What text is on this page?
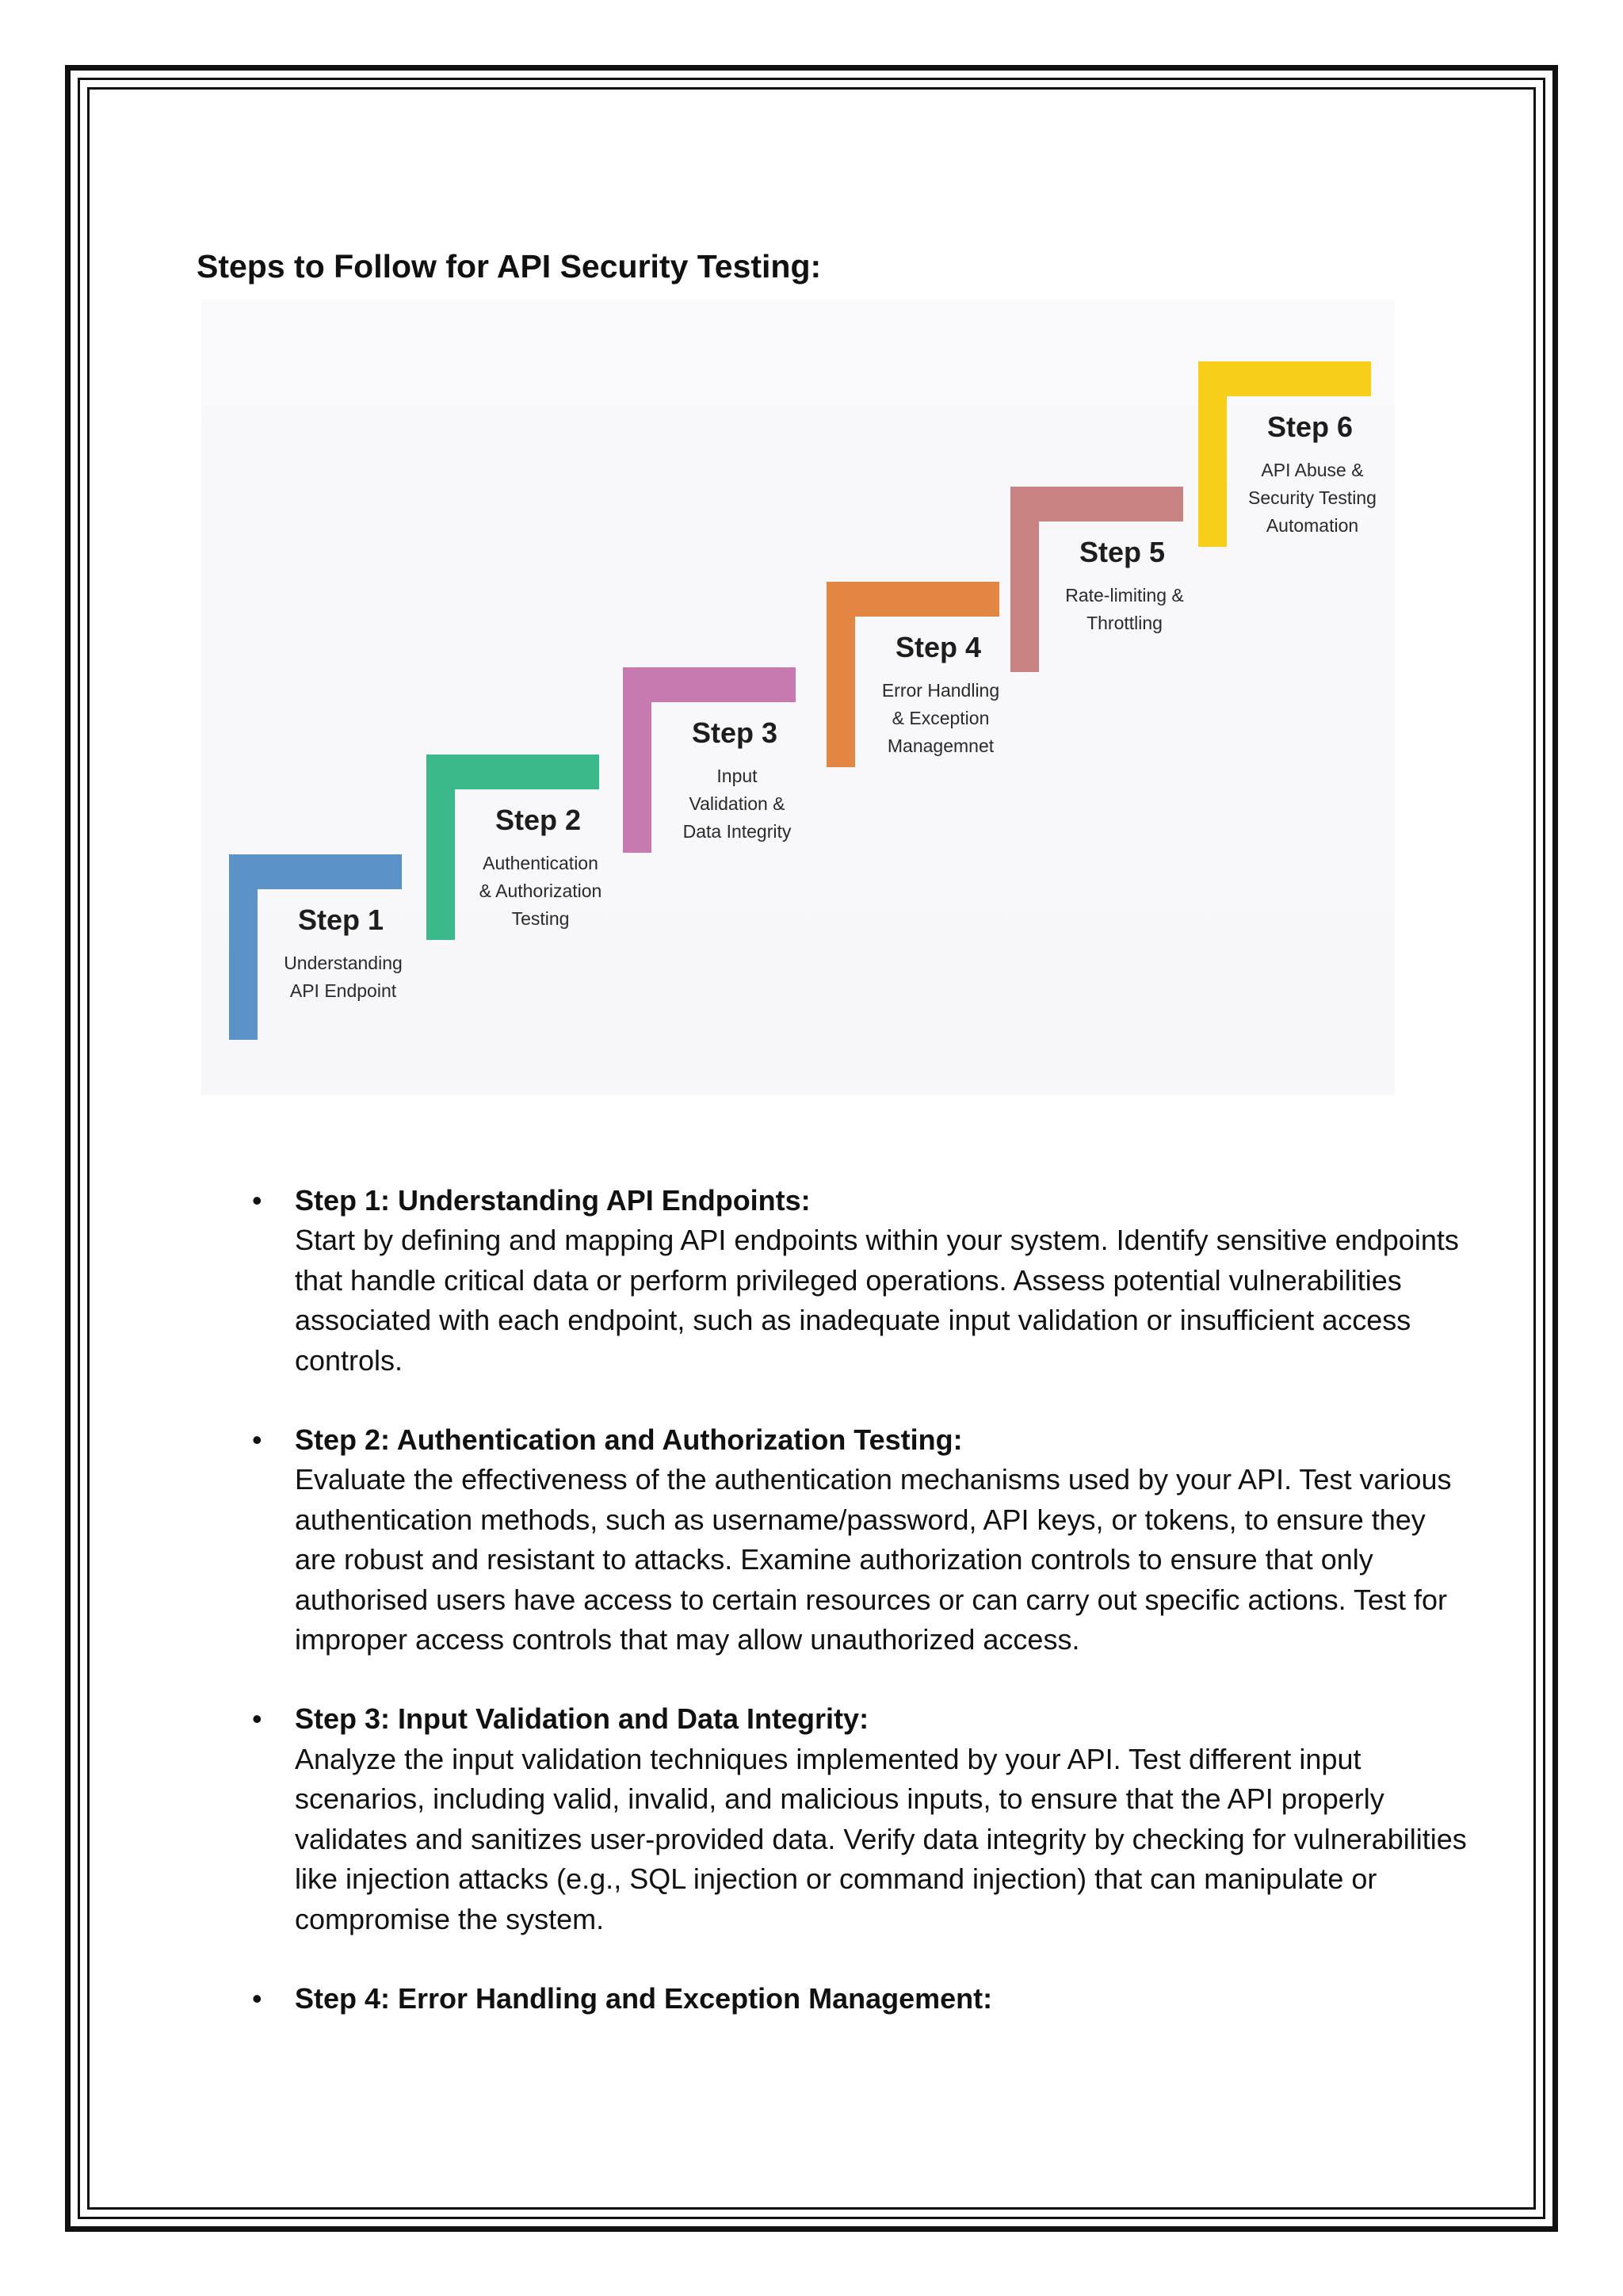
Steps to Follow for API Security Testing:
Step 1
Understanding
API Endpoint
Step 2
Authentication
& Authorization
Testing
Step 3
Input
Validation &
Data Integrity
Step 4
Error Handling
& Exception
Managemnet
Step 5
Rate-limiting &
Throttling
Step 6
API Abuse &
Security Testing
Automation
• Step 1: Understanding API Endpoints:
Start by defining and mapping API endpoints within your system. Identify sensitive endpoints that handle critical data or perform privileged operations. Assess potential vulnerabilities associated with each endpoint, such as inadequate input validation or insufficient access controls.
• Step 2: Authentication and Authorization Testing:
Evaluate the effectiveness of the authentication mechanisms used by your API. Test various authentication methods, such as username/password, API keys, or tokens, to ensure they are robust and resistant to attacks. Examine authorization controls to ensure that only authorised users have access to certain resources or can carry out specific actions. Test for improper access controls that may allow unauthorized access.
• Step 3: Input Validation and Data Integrity:
Analyze the input validation techniques implemented by your API. Test different input scenarios, including valid, invalid, and malicious inputs, to ensure that the API properly validates and sanitizes user-provided data. Verify data integrity by checking for vulnerabilities like injection attacks (e.g., SQL injection or command injection) that can manipulate or compromise the system.
• Step 4: Error Handling and Exception Management:
